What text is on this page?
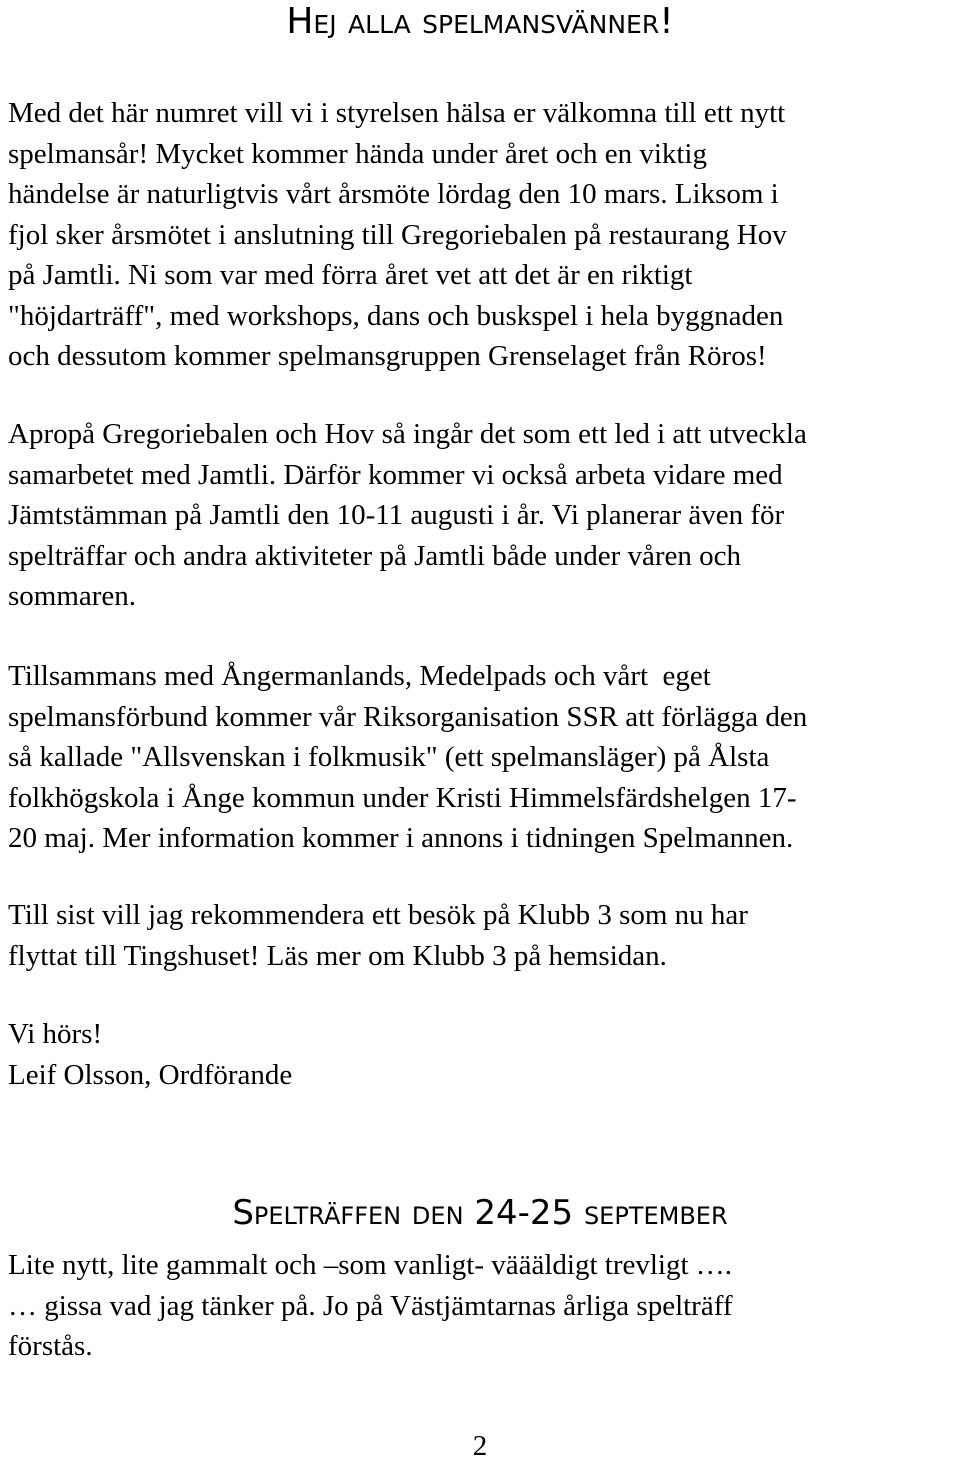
Hej alla spelmansvänner!
Med det här numret vill vi i styrelsen hälsa er välkomna till ett nytt
spelmansår! Mycket kommer hända under året och en viktig
händelse är naturligtvis vårt årsmöte lördag den 10 mars. Liksom i
fjol sker årsmötet i anslutning till Gregoriebalen på restaurang Hov
på Jamtli. Ni som var med förra året vet att det är en riktigt
"höjdarträff", med workshops, dans och buskspel i hela byggnaden
och dessutom kommer spelmansgruppen Grenselaget från Röros!
Apropå Gregoriebalen och Hov så ingår det som ett led i att utveckla
samarbetet med Jamtli. Därför kommer vi också arbeta vidare med
Jämtstämman på Jamtli den 10-11 augusti i år. Vi planerar även för
spelträffar och andra aktiviteter på Jamtli både under våren och
sommaren.
Tillsammans med Ångermanlands, Medelpads och vårt  eget
spelmansförbund kommer vår Riksorganisation SSR att förlägga den
så kallade "Allsvenskan i folkmusik" (ett spelmansläger) på Ålsta
folkhögskola i Ånge kommun under Kristi Himmelsfärdshelgen 17-
20 maj. Mer information kommer i annons i tidningen Spelmannen.
Till sist vill jag rekommendera ett besök på Klubb 3 som nu har
flyttat till Tingshuset! Läs mer om Klubb 3 på hemsidan.
Vi hörs!
Leif Olsson, Ordförande
Spelträffen den 24-25 september
Lite nytt, lite gammalt och –som vanligt- väääldigt trevligt ….
… gissa vad jag tänker på. Jo på Västjämtarnas årliga spelträff
förstås.
2
